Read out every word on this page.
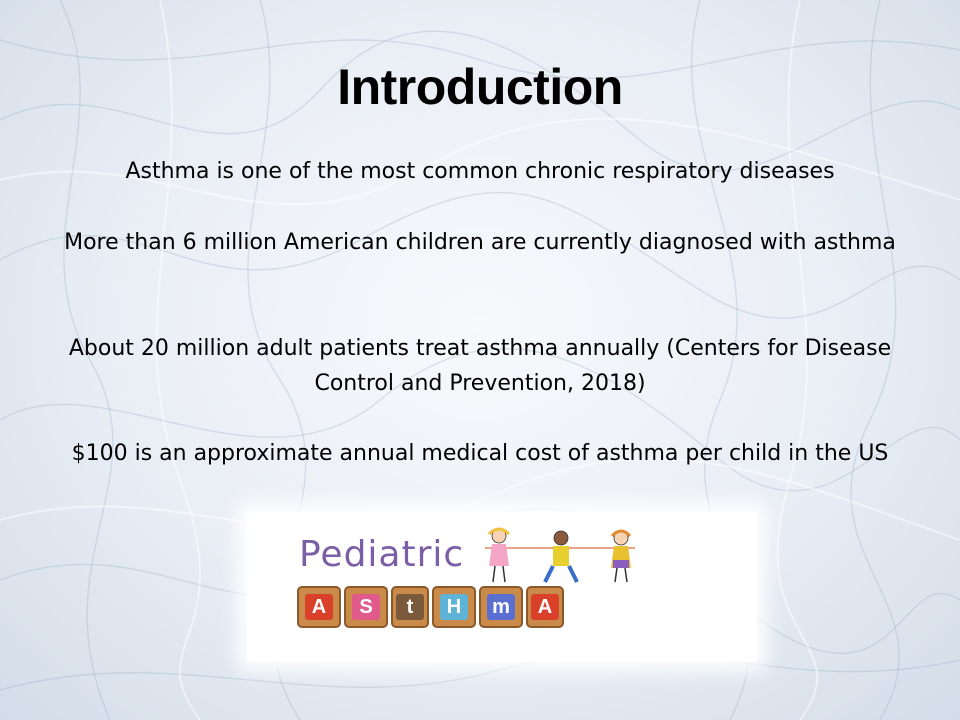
Introduction
Asthma is one of the most common chronic respiratory diseases
More than 6 million American children are currently diagnosed with asthma
About 20 million adult patients treat asthma annually (Centers for Disease Control and Prevention, 2018)
$100 is an approximate annual medical cost of asthma per child in the US
Pediatric
A	S	t	H	m	A
